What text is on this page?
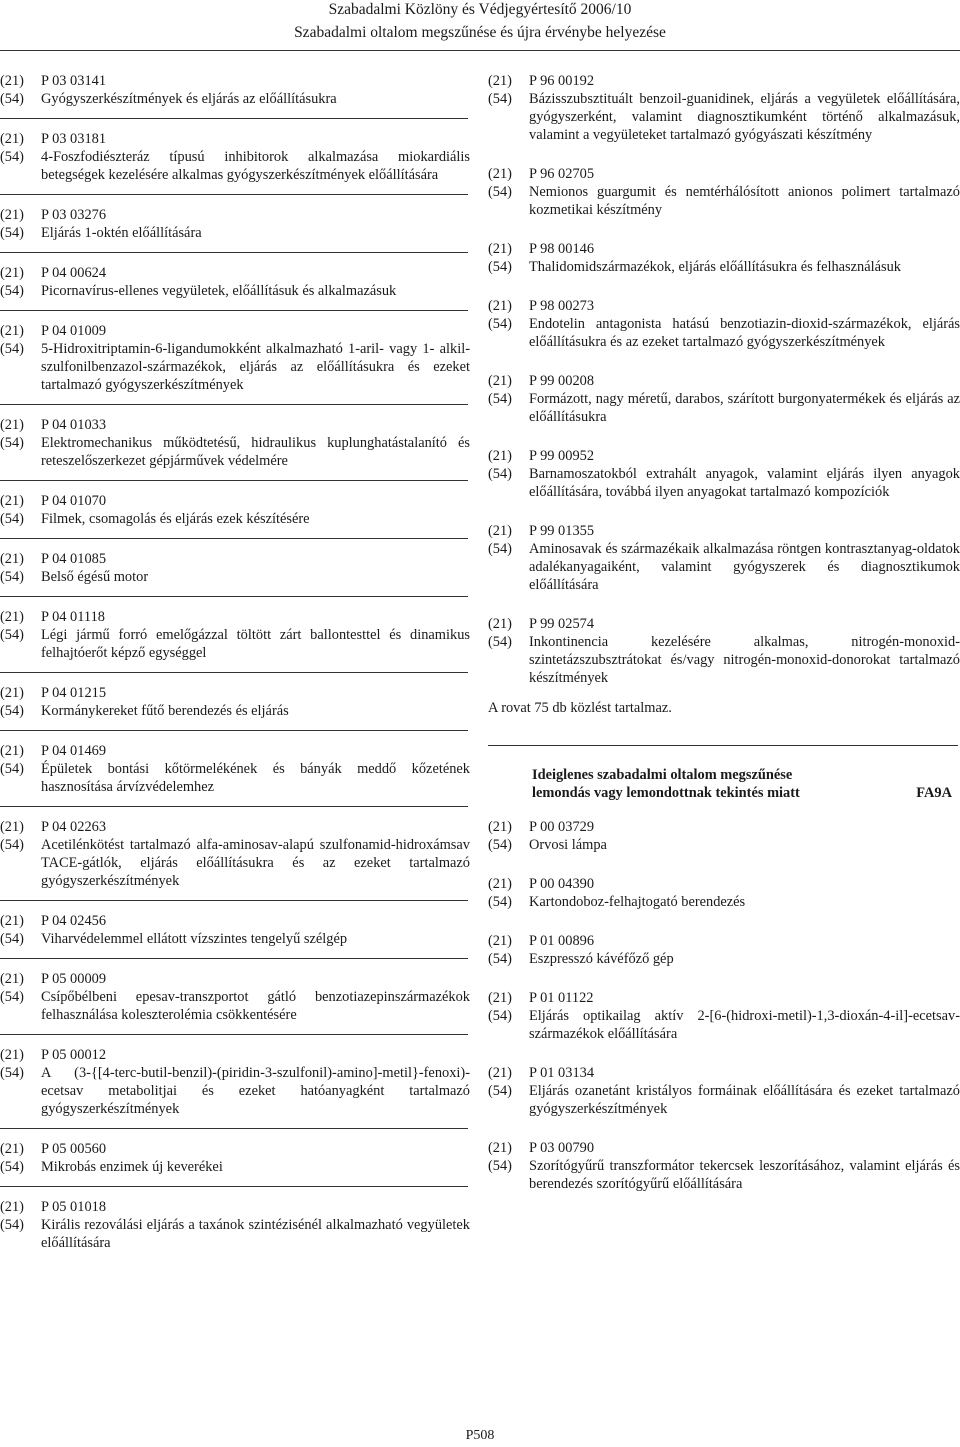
Szabadalmi Közlöny és Védjegyértesítő 2006/10
Szabadalmi oltalom megszűnése és újra érvénybe helyezése
(21)	P 03 03141
(54)	Gyógyszerkészítmények és eljárás az előállításukra
(21)	P 03 03181
(54)	4-Foszfodiészteráz típusú inhibitorok alkalmazása miokardiális betegségek kezelésére alkalmas gyógyszerkészítmények előállítására
(21)	P 03 03276
(54)	Eljárás 1-oktén előállítására
(21)	P 04 00624
(54)	Picornavírus-ellenes vegyületek, előállításuk és alkalmazásuk
(21)	P 04 01009
(54)	5-Hidroxitriptamin-6-ligandumokként alkalmazható 1-aril- vagy 1- alkil-szulfonilbenzazol-származékok, eljárás az előállításukra és ezeket tartalmazó gyógyszerkészítmények
(21)	P 04 01033
(54)	Elektromechanikus működtetésű, hidraulikus kuplunghatástalanító és reteszelőszerkezet gépjárművek védelmére
(21)	P 04 01070
(54)	Filmek, csomagolás és eljárás ezek készítésére
(21)	P 04 01085
(54)	Belső égésű motor
(21)	P 04 01118
(54)	Légi jármű forró emelőgázzal töltött zárt ballontesttel és dinamikus felhajtóerőt képző egységgel
(21)	P 04 01215
(54)	Kormánykereket fűtő berendezés és eljárás
(21)	P 04 01469
(54)	Épületek bontási kőtörmelékének és bányák meddő kőzetének hasznosítása árvízvédelemhez
(21)	P 04 02263
(54)	Acetilénkötést tartalmazó alfa-aminosav-alapú szulfonamid-hidroxámsav TACE-gátlók, eljárás előállításukra és az ezeket tartalmazó gyógyszerkészítmények
(21)	P 04 02456
(54)	Viharvédelemmel ellátott vízszintes tengelyű szélgép
(21)	P 05 00009
(54)	Csípőbélbeni epesav-transzportot gátló benzotiazepinszármazékok felhasználása koleszterolémia csökkentésére
(21)	P 05 00012
(54)	A (3-{[4-terc-butil-benzil)-(piridin-3-szulfonil)-amino]-metil}-fenoxi)-ecetsav metabolitjai és ezeket hatóanyagként tartalmazó gyógyszerkészítmények
(21)	P 05 00560
(54)	Mikrobás enzimek új keverékei
(21)	P 05 01018
(54)	Királis rezoválási eljárás a taxánok szintézisénél alkalmazható vegyületek előállítására
(21)	P 96 00192
(54)	Bázisszubsztituált benzoil-guanidinek, eljárás a vegyületek előállítására, gyógyszerként, valamint diagnosztikumként történő alkalmazásuk, valamint a vegyületeket tartalmazó gyógyászati készítmény
(21)	P 96 02705
(54)	Nemionos guargumit és nemtérhálósított anionos polimert tartalmazó kozmetikai készítmény
(21)	P 98 00146
(54)	Thalidomidszármazékok, eljárás előállításukra és felhasználásuk
(21)	P 98 00273
(54)	Endotelin antagonista hatású benzotiazin-dioxid-származékok, eljárás előállításukra és az ezeket tartalmazó gyógyszerkészítmények
(21)	P 99 00208
(54)	Formázott, nagy méretű, darabos, szárított burgonyatermékek és eljárás az előállításukra
(21)	P 99 00952
(54)	Barnamoszatokból extrahált anyagok, valamint eljárás ilyen anyagok előállítására, továbbá ilyen anyagokat tartalmazó kompozíciók
(21)	P 99 01355
(54)	Aminosavak és származékaik alkalmazása röntgen kontrasztanyag-oldatok adalékanyagaiként, valamint gyógyszerek és diagnosztikumok előállítására
(21)	P 99 02574
(54)	Inkontinencia kezelésére alkalmas, nitrogén-monoxid-szintetázszubsztrátokat és/vagy nitrogén-monoxid-donorokat tartalmazó készítmények
A rovat 75 db közlést tartalmaz.
Ideiglenes szabadalmi oltalom megszűnése
lemondás vagy lemondottnak tekintés miatt	FA9A
(21)	P 00 03729
(54)	Orvosi lámpa
(21)	P 00 04390
(54)	Kartondoboz-felhajtogató berendezés
(21)	P 01 00896
(54)	Eszpresszó kávéfőző gép
(21)	P 01 01122
(54)	Eljárás optikailag aktív 2-[6-(hidroxi-metil)-1,3-dioxán-4-il]-ecetsav-származékok előállítására
(21)	P 01 03134
(54)	Eljárás ozanetánt kristályos formáinak előállítására és ezeket tartalmazó gyógyszerkészítmények
(21)	P 03 00790
(54)	Szorítógyűrű transzformátor tekercsek leszorításához, valamint eljárás és berendezés szorítógyűrű előállítására
P508
